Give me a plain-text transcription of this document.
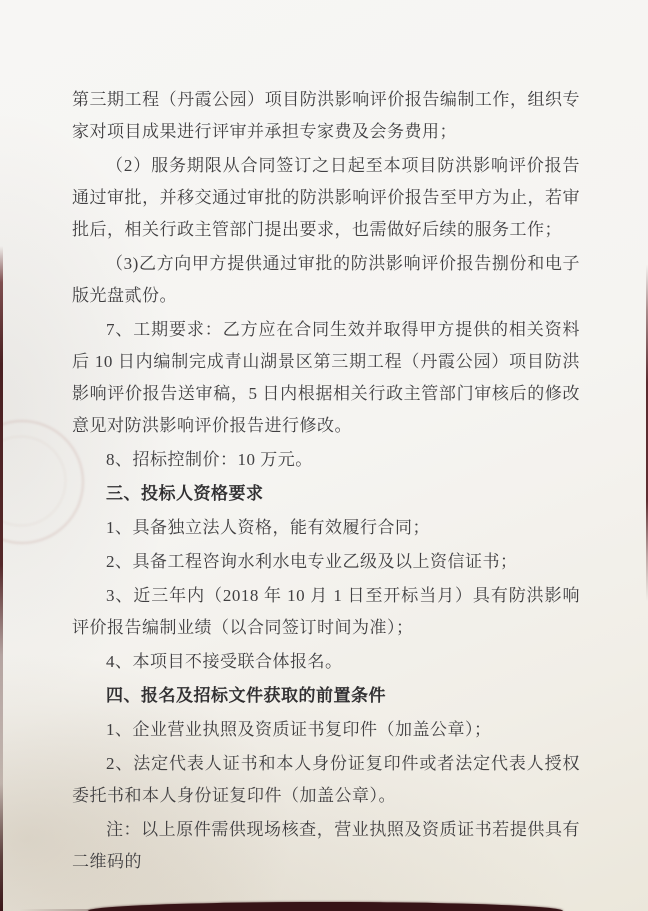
第三期工程（丹霞公园）项目防洪影响评价报告编制工作，组织专家对项目成果进行评审并承担专家费及会务费用；

（2）服务期限从合同签订之日起至本项目防洪影响评价报告通过审批，并移交通过审批的防洪影响评价报告至甲方为止，若审批后，相关行政主管部门提出要求，也需做好后续的服务工作；

（3)乙方向甲方提供通过审批的防洪影响评价报告捌份和电子版光盘贰份。

7、工期要求：乙方应在合同生效并取得甲方提供的相关资料后 10 日内编制完成青山湖景区第三期工程（丹霞公园）项目防洪影响评价报告送审稿，5 日内根据相关行政主管部门审核后的修改意见对防洪影响评价报告进行修改。

8、招标控制价：10 万元。

三、投标人资格要求

1、具备独立法人资格，能有效履行合同；

2、具备工程咨询水利水电专业乙级及以上资信证书；

3、近三年内（2018 年 10 月 1 日至开标当月）具有防洪影响评价报告编制业绩（以合同签订时间为准）；

4、本项目不接受联合体报名。

四、报名及招标文件获取的前置条件

1、企业营业执照及资质证书复印件（加盖公章）；

2、法定代表人证书和本人身份证复印件或者法定代表人授权委托书和本人身份证复印件（加盖公章）。

注：以上原件需供现场核查，营业执照及资质证书若提供具有二维码的
